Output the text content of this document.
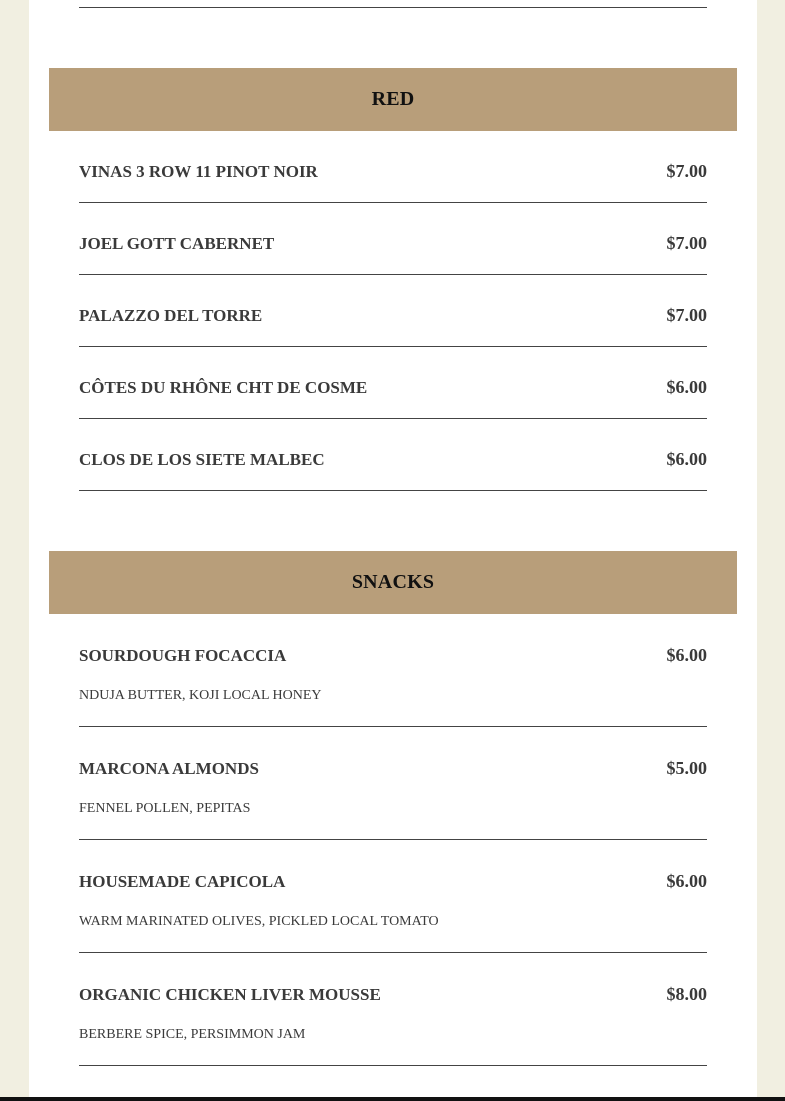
RED
VINAS 3 ROW 11 PINOT NOIR	$7.00
JOEL GOTT CABERNET	$7.00
PALAZZO DEL TORRE	$7.00
CÔTES DU RHÔNE CHT DE COSME	$6.00
CLOS DE LOS SIETE MALBEC	$6.00
SNACKS
SOURDOUGH FOCACCIA	$6.00
NDUJA BUTTER, KOJI LOCAL HONEY
MARCONA ALMONDS	$5.00
FENNEL POLLEN, PEPITAS
HOUSEMADE CAPICOLA	$6.00
WARM MARINATED OLIVES, PICKLED LOCAL TOMATO
ORGANIC CHICKEN LIVER MOUSSE	$8.00
BERBERE SPICE, PERSIMMON JAM
